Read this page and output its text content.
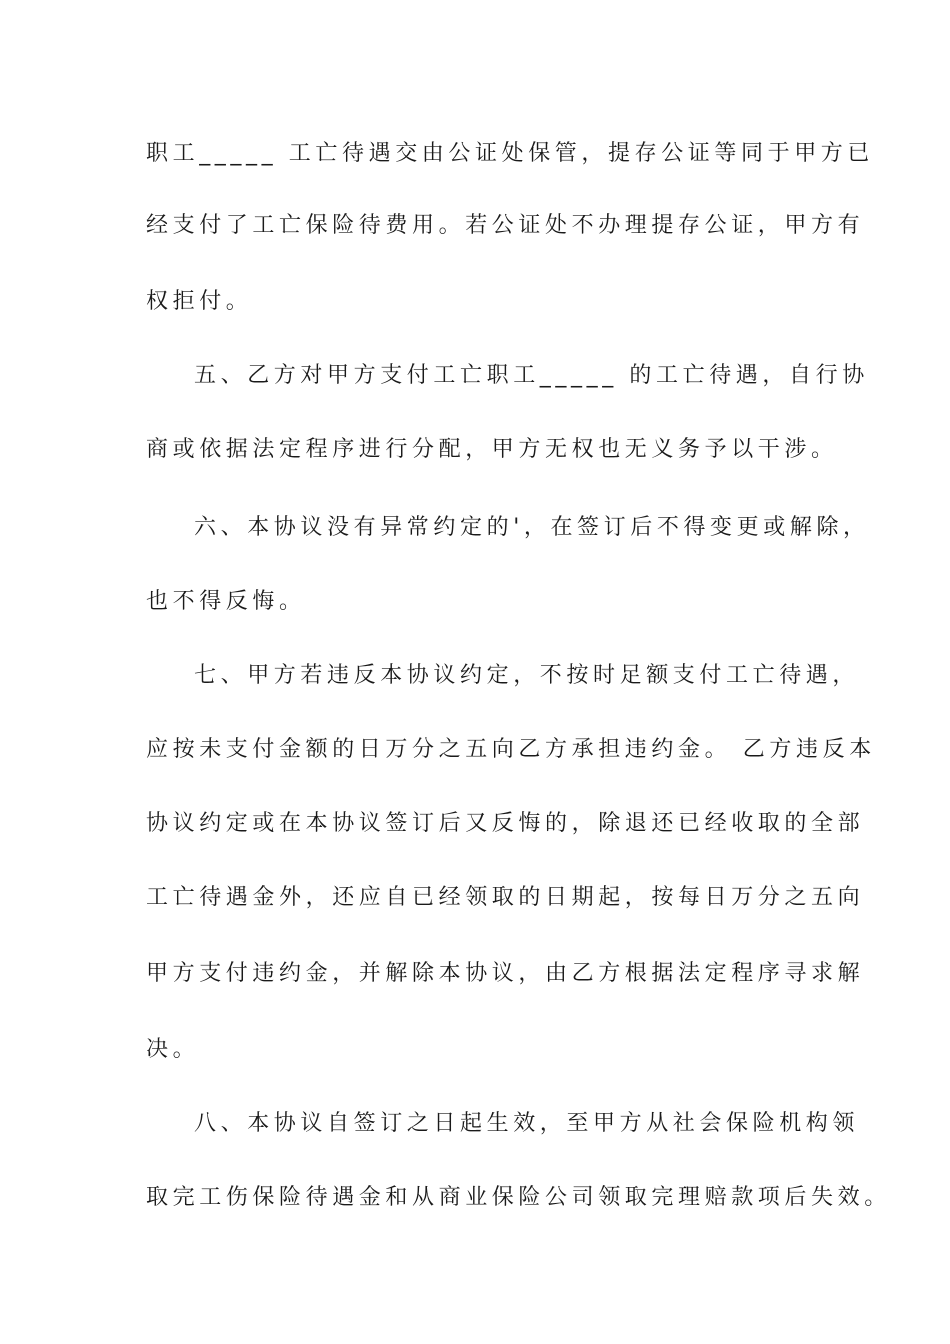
职工_____ 工亡待遇交由公证处保管，提存公证等同于甲方已

经支付了工亡保险待费用。若公证处不办理提存公证，甲方有

权拒付。

五、乙方对甲方支付工亡职工_____ 的工亡待遇，自行协

商或依据法定程序进行分配，甲方无权也无义务予以干涉。

六、本协议没有异常约定的'，在签订后不得变更或解除，

也不得反悔。

七、甲方若违反本协议约定，不按时足额支付工亡待遇，

应按未支付金额的日万分之五向乙方承担违约金。 乙方违反本

协议约定或在本协议签订后又反悔的，除退还已经收取的全部

工亡待遇金外，还应自已经领取的日期起，按每日万分之五向

甲方支付违约金，并解除本协议，由乙方根据法定程序寻求解

决。

八、本协议自签订之日起生效，至甲方从社会保险机构领

取完工伤保险待遇金和从商业保险公司领取完理赔款项后失效。
